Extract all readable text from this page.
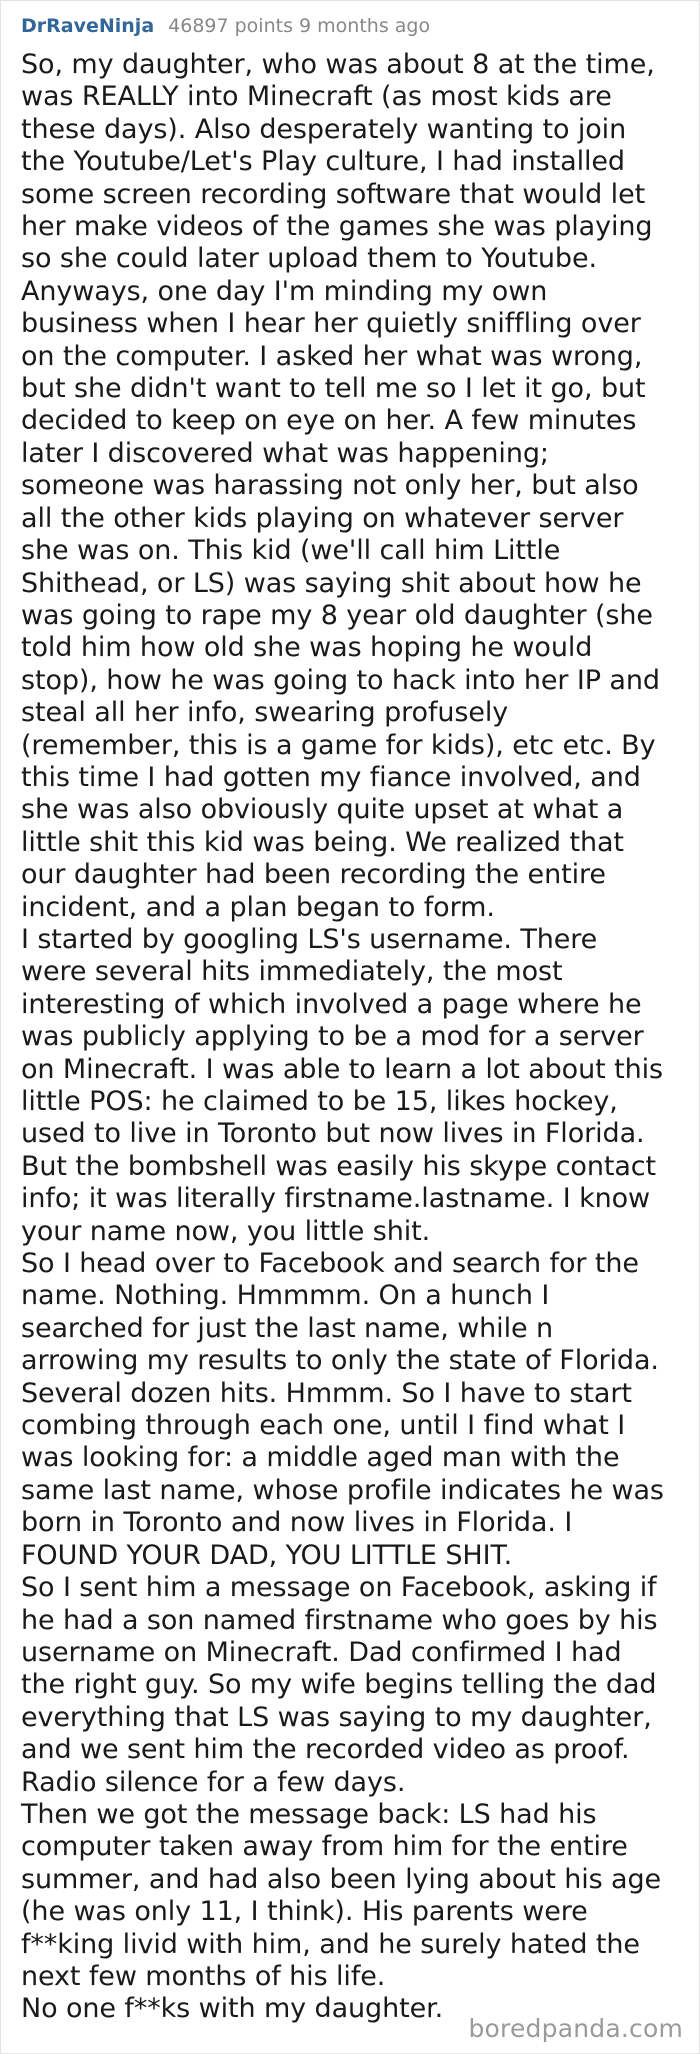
DrRaveNinja 46897 points
9 months ago

So, my daughter, who was about 8 at the time,
was REALLY into Minecraft (as most kids are
these days). Also desperately wanting to join
the Youtube/Let's Play culture, I had installed
some screen recording software that would let
her make videos of the games she was playing
so she could later upload them to Youtube.
Anyways, one day I'm minding my own
business when I hear her quietly sniffling over
on the computer. I asked her what was wrong,
but she didn't want to tell me so I let it go, but
decided to keep on eye on her. A few minutes
later I discovered what was happening;
someone was harassing not only her, but also
all the other kids playing on whatever server
she was on. This kid (we'll call him Little
Shithead, or LS) was saying shit about how he
was going to rape my 8 year old daughter (she
told him how old she was hoping he would
stop), how he was going to hack into her IP and
steal all her info, swearing profusely
(remember, this is a game for kids), etc etc. By
this time I had gotten my fiance involved, and
she was also obviously quite upset at what a
little shit this kid was being. We realized that
our daughter had been recording the entire
incident, and a plan began to form.

I started by googling LS's username. There
were several hits immediately, the most
interesting of which involved a page where he
was publicly applying to be a mod for a server
on Minecraft. I was able to learn a lot about this
little POS: he claimed to be 15, likes hockey,
used to live in Toronto but now lives in Florida.
But the bombshell was easily his skype contact
info; it was literally firstname.lastname. I know
your name now, you little shit.

So I head over to Facebook and search for the
name. Nothing. Hmmmm. On a hunch I
searched for just the last name, while n
arrowing my results to only the state of Florida.
Several dozen hits. Hmmm. So I have to start
combing through each one, until I find what I
was looking for: a middle aged man with the
same last name, whose profile indicates he was
born in Toronto and now lives in Florida. I
FOUND YOUR DAD, YOU LITTLE SHIT.

So I sent him a message on Facebook, asking if
he had a son named firstname who goes by his
username on Minecraft. Dad confirmed I had
the right guy. So my wife begins telling the dad
everything that LS was saying to my daughter,
and we sent him the recorded video as proof.
Radio silence for a few days.

Then we got the message back: LS had his
computer taken away from him for the entire
summer, and had also been lying about his age
(he was only 11, I think). His parents were
f**king livid with him, and he surely hated the
next few months of his life.

No one f**ks with my daughter.

boredpanda.com
